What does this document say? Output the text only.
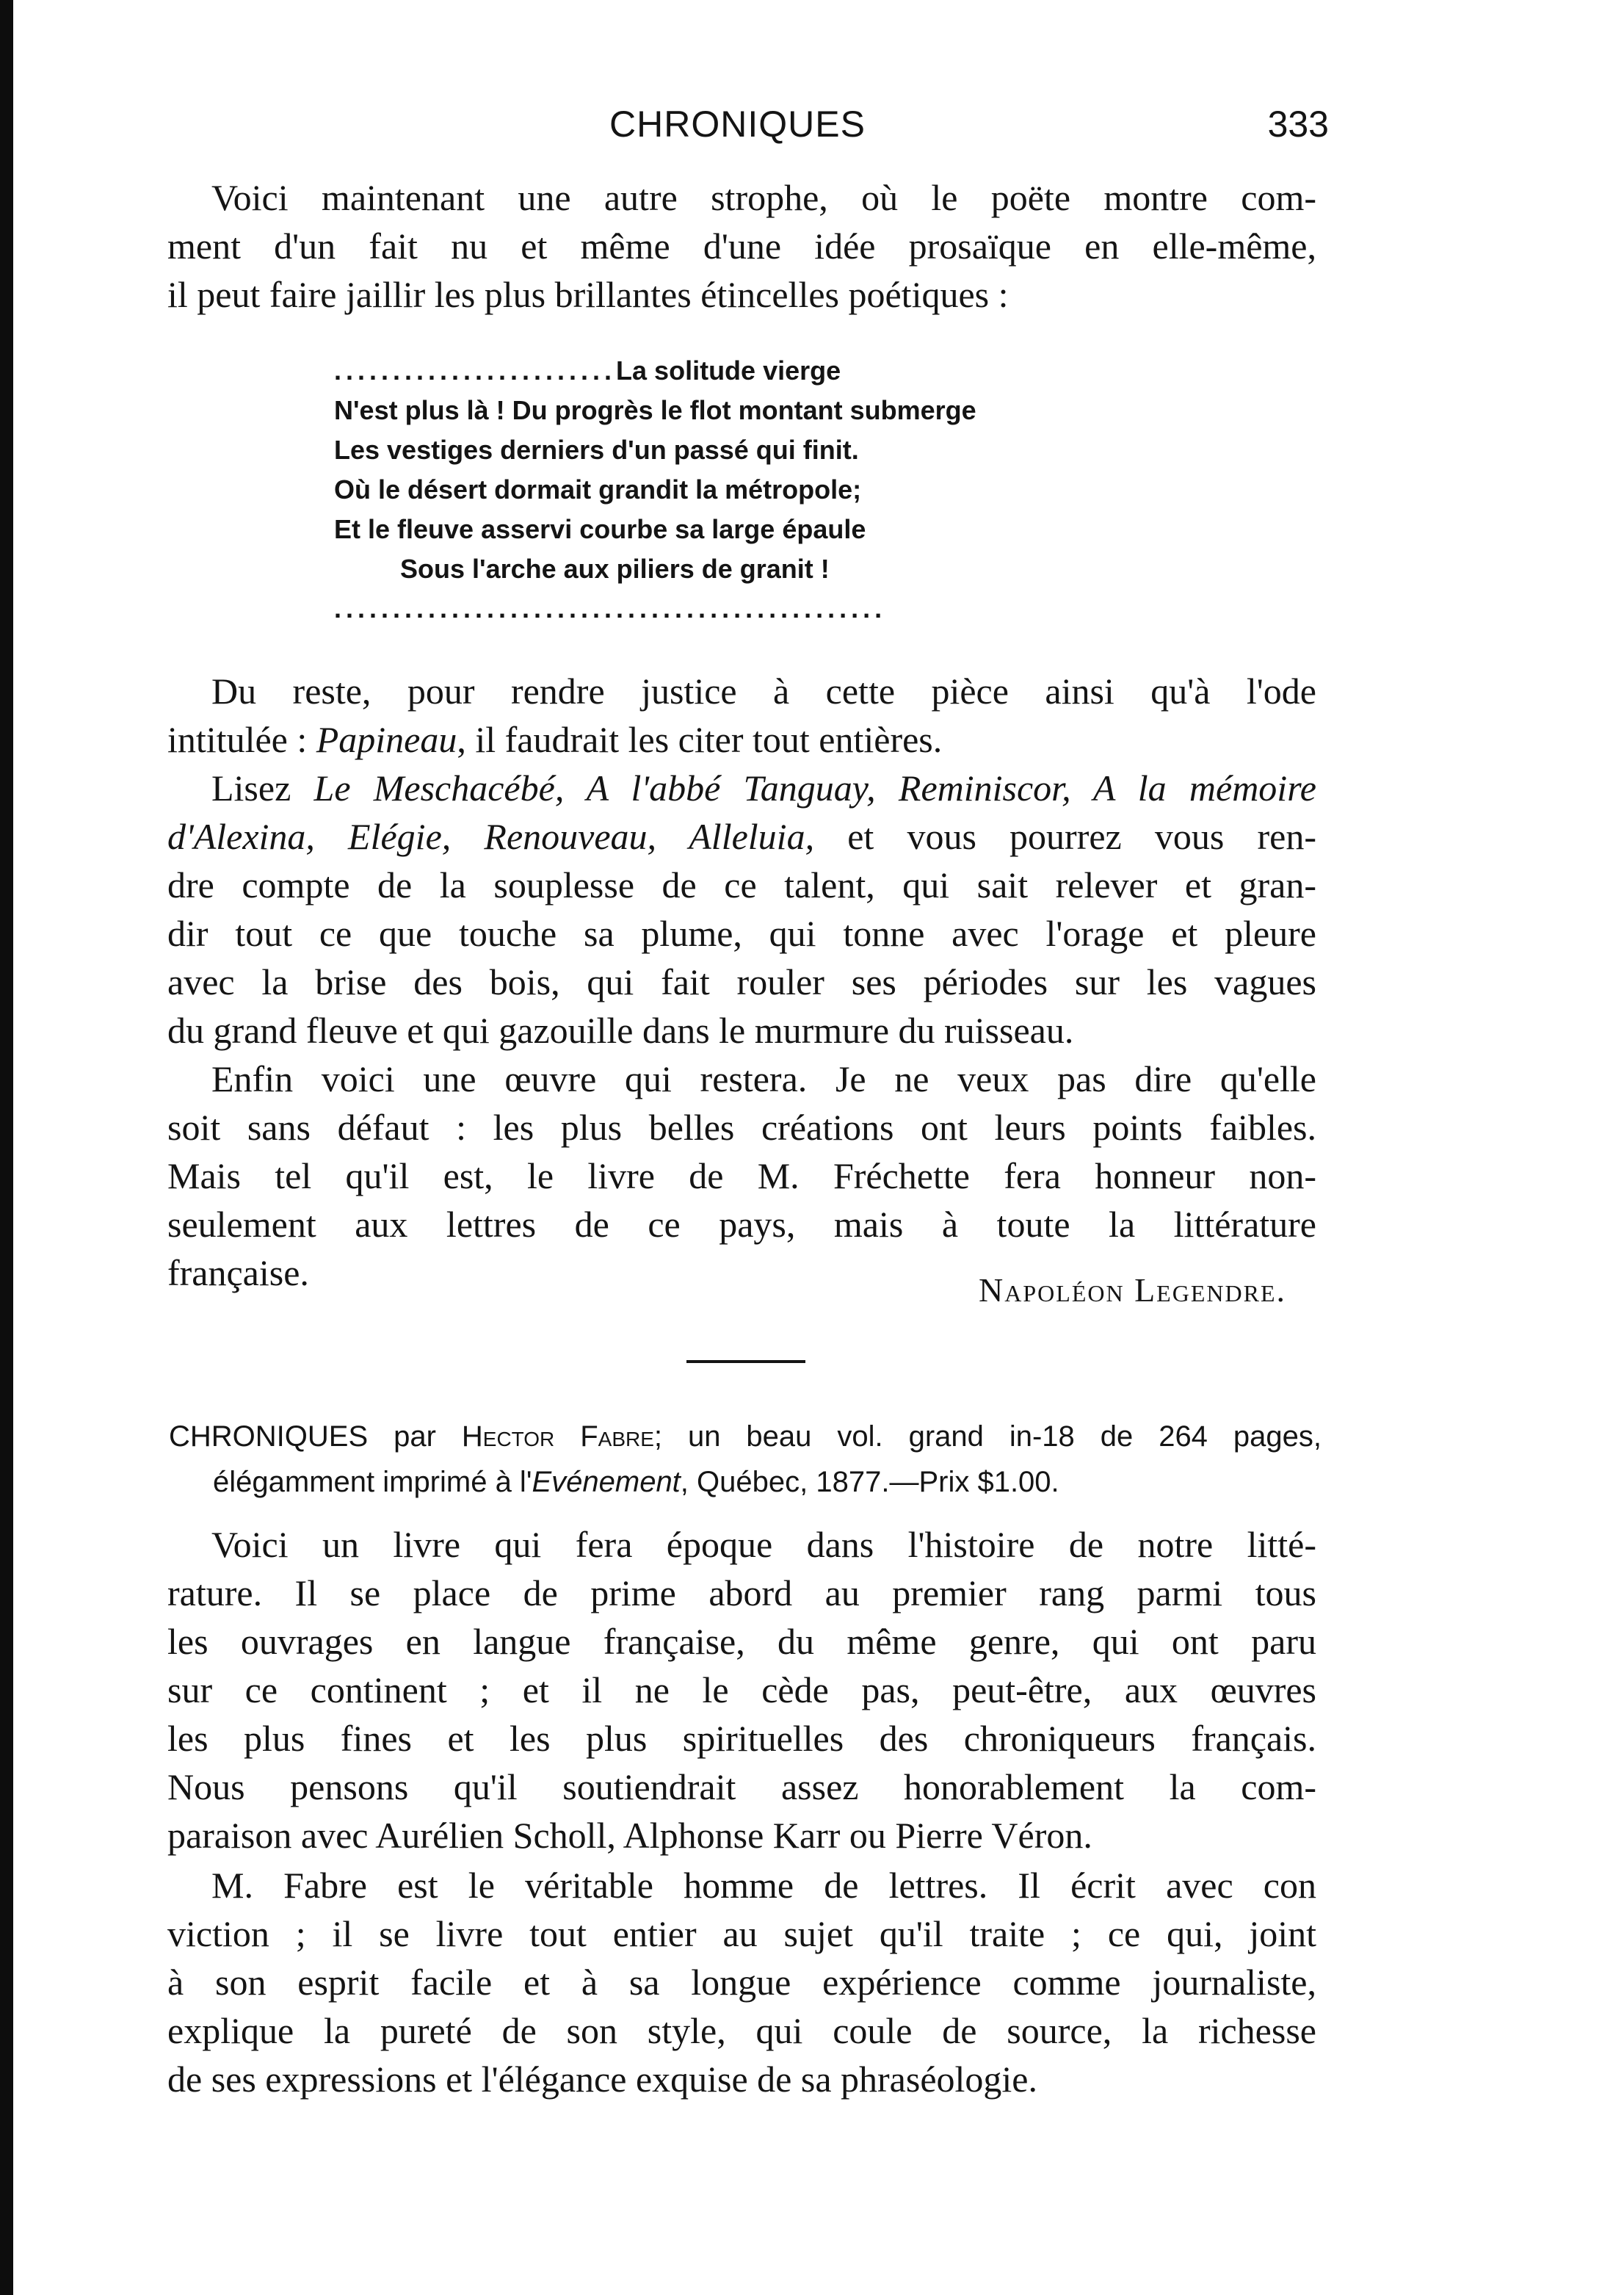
CHRONIQUES	333
Voici maintenant une autre strophe, où le poëte montre com-
ment d'un fait nu et même d'une idée prosaïque en elle-même,
il peut faire jaillir les plus brillantes étincelles poétiques :
........................La solitude vierge
N'est plus là ! Du progrès le flot montant submerge
Les vestiges derniers d'un passé qui finit.
Où le désert dormait grandit la métropole;
Et le fleuve asservi courbe sa large épaule
Sous l'arche aux piliers de granit !
...............................................
Du reste, pour rendre justice à cette pièce ainsi qu'à l'ode
intitulée : Papineau, il faudrait les citer tout entières.
Lisez Le Meschacébé, A l'abbé Tanguay, Reminiscor, A la mémoire
d'Alexina, Elégie, Renouveau, Alleluia, et vous pourrez vous ren-
dre compte de la souplesse de ce talent, qui sait relever et gran-
dir tout ce que touche sa plume, qui tonne avec l'orage et pleure
avec la brise des bois, qui fait rouler ses périodes sur les vagues
du grand fleuve et qui gazouille dans le murmure du ruisseau.
Enfin voici une œuvre qui restera. Je ne veux pas dire qu'elle
soit sans défaut : les plus belles créations ont leurs points faibles.
Mais tel qu'il est, le livre de M. Fréchette fera honneur non-
seulement aux lettres de ce pays, mais à toute la littérature
française.	Napoléon Legendre.
CHRONIQUES par Hector Fabre; un beau vol. grand in-18 de 264 pages,
élégamment imprimé à l'Evénement, Québec, 1877.—Prix $1.00.
Voici un livre qui fera époque dans l'histoire de notre litté-
rature. Il se place de prime abord au premier rang parmi tous
les ouvrages en langue française, du même genre, qui ont paru
sur ce continent ; et il ne le cède pas, peut-être, aux œuvres
les plus fines et les plus spirituelles des chroniqueurs français.
Nous pensons qu'il soutiendrait assez honorablement la com-
paraison avec Aurélien Scholl, Alphonse Karr ou Pierre Véron.
M. Fabre est le véritable homme de lettres. Il écrit avec con
viction ; il se livre tout entier au sujet qu'il traite ; ce qui, joint
à son esprit facile et à sa longue expérience comme journaliste,
explique la pureté de son style, qui coule de source, la richesse
de ses expressions et l'élégance exquise de sa phraséologie.
